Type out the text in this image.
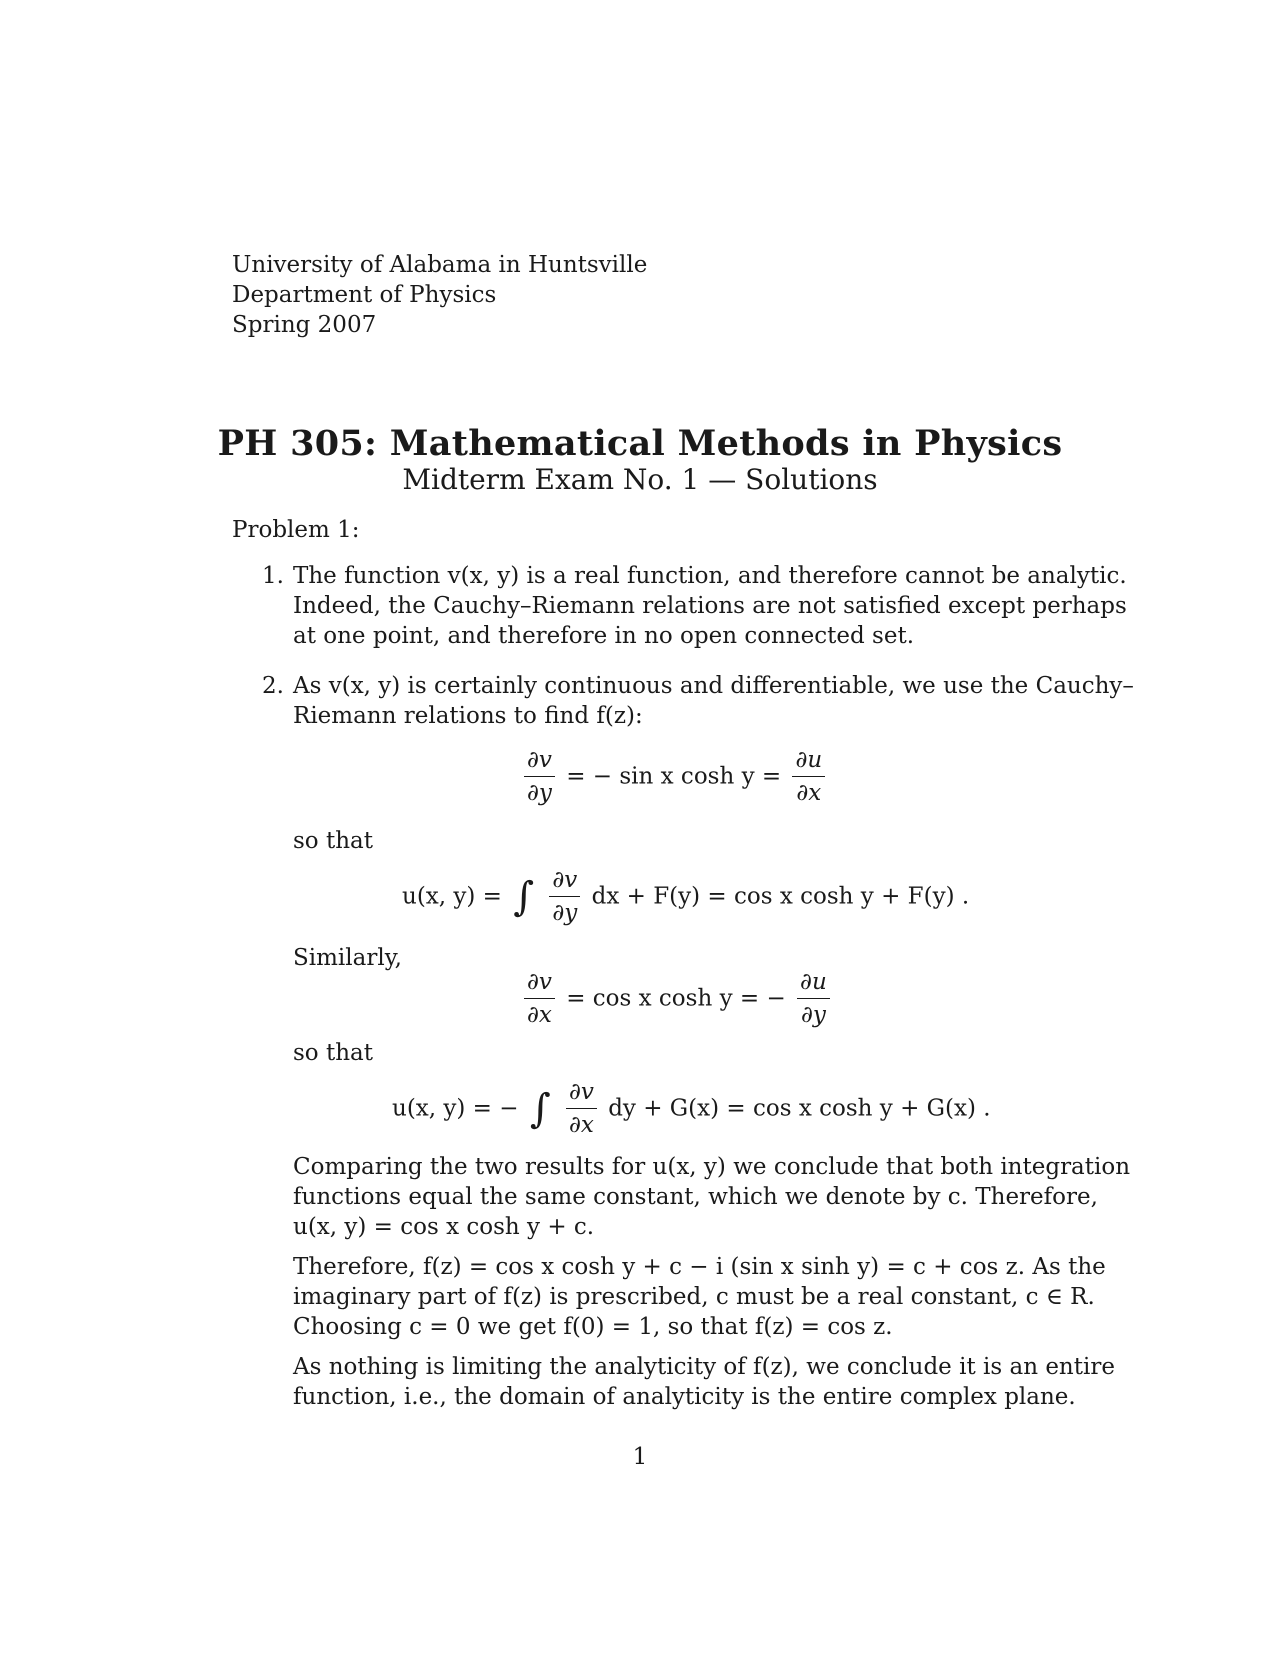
University of Alabama in Huntsville
Department of Physics
Spring 2007
PH 305: Mathematical Methods in Physics
Midterm Exam No. 1 — Solutions
Problem 1:
1. The function v(x, y) is a real function, and therefore cannot be analytic.
Indeed, the Cauchy–Riemann relations are not satisfied except perhaps
at one point, and therefore in no open connected set.
2. As v(x, y) is certainly continuous and differentiable, we use the Cauchy–
Riemann relations to find f(z):
$\frac{\partial v}{\partial y}$ = − sin x $\cosh y = \frac{\partial u}{\partial x}$
so that
u(x, y) = ∫ $\frac{\partial v}{\partial y}$ dx + F(y) = cos x cosh y + F(y) .
Similarly,
$\frac{\partial v}{\partial x} = \cos x$ cosh y = − $\frac{\partial u}{\partial y}$
so that
u(x, y) = − ∫ $\frac{\partial v}{\partial x}$ dy + G(x) = cos x cosh y + G(x) .
Comparing the two results for u(x, y) we conclude that both integration
functions equal the same constant, which we denote by c. Therefore,
u(x, y) = cos x cosh y + c.
Therefore, f(z) = cos x cosh y + c − i (sin x sinh y) = c + cos z. As the
imaginary part of f(z) is prescribed, c must be a real constant, c ∈ R.
Choosing c = 0 we get f(0) = 1, so that f(z) = cos z.
As nothing is limiting the analyticity of f(z), we conclude it is an entire
function, i.e., the domain of analyticity is the entire complex plane.
1
